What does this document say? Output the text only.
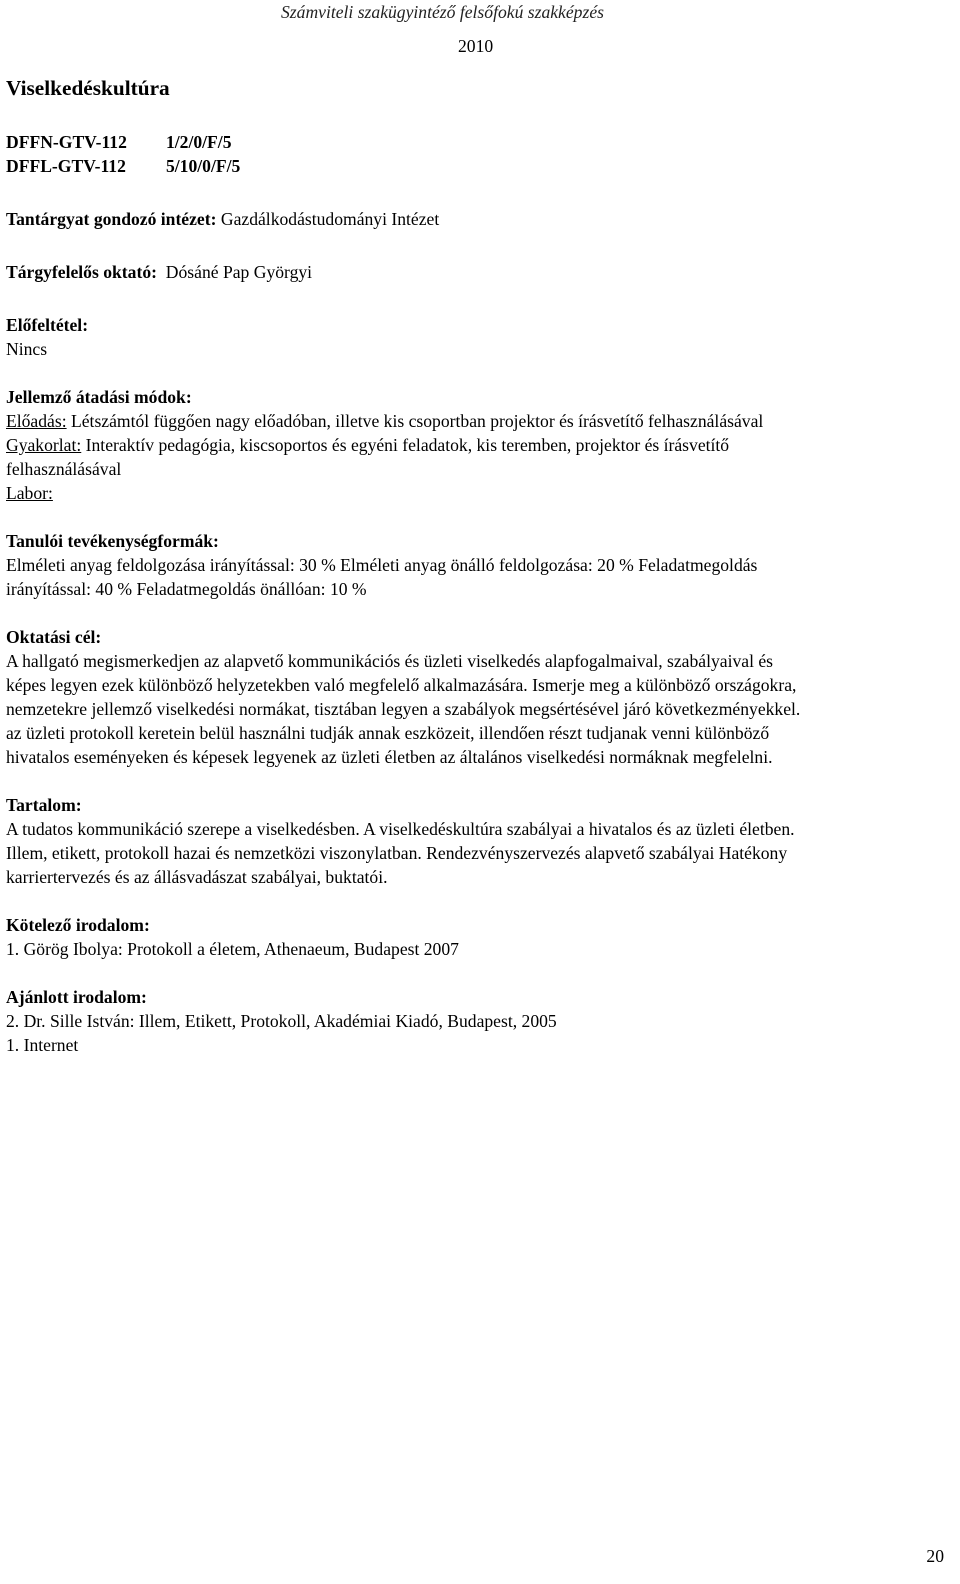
Számviteli szakügyintéző felsőfokú szakképzés
2010
Viselkedéskultúra
DFFN-GTV-112 1/2/0/F/5
DFFL-GTV-112 5/10/0/F/5
Tantárgyat gondozó intézet: Gazdálkodástudományi Intézet
Tárgyfelelős oktató: Dósáné Pap Györgyi
Előfeltétel:
Nincs
Jellemző átadási módok:
Előadás: Létszámtól függően nagy előadóban, illetve kis csoportban projektor és írásvetítő felhasználásával
Gyakorlat: Interaktív pedagógia, kiscsoportos és egyéni feladatok, kis teremben, projektor és írásvetítő
felhasználásával
Labor:
Tanulói tevékenységformák:
Elméleti anyag feldolgozása irányítással: 30 % Elméleti anyag önálló feldolgozása: 20 % Feladatmegoldás
irányítással: 40 % Feladatmegoldás önállóan: 10 %
Oktatási cél:
A hallgató megismerkedjen az alapvető kommunikációs és üzleti viselkedés alapfogalmaival, szabályaival és
képes legyen ezek különböző helyzetekben való megfelelő alkalmazására. Ismerje meg a különböző országokra,
nemzetekre jellemző viselkedési normákat, tisztában legyen a szabályok megsértésével járó következményekkel.
az üzleti protokoll keretein belül használni tudják annak eszközeit, illendően részt tudjanak venni különböző
hivatalos eseményeken és képesek legyenek az üzleti életben az általános viselkedési normáknak megfelelni.
Tartalom:
A tudatos kommunikáció szerepe a viselkedésben. A viselkedéskultúra szabályai a hivatalos és az üzleti életben.
Illem, etikett, protokoll hazai és nemzetközi viszonylatban. Rendezvényszervezés alapvető szabályai Hatékony
karriertervezés és az állásvadászat szabályai, buktatói.
Kötelező irodalom:
1. Görög Ibolya: Protokoll a életem, Athenaeum, Budapest 2007
Ajánlott irodalom:
2. Dr. Sille István: Illem, Etikett, Protokoll, Akadémiai Kiadó, Budapest, 2005
1. Internet
20
